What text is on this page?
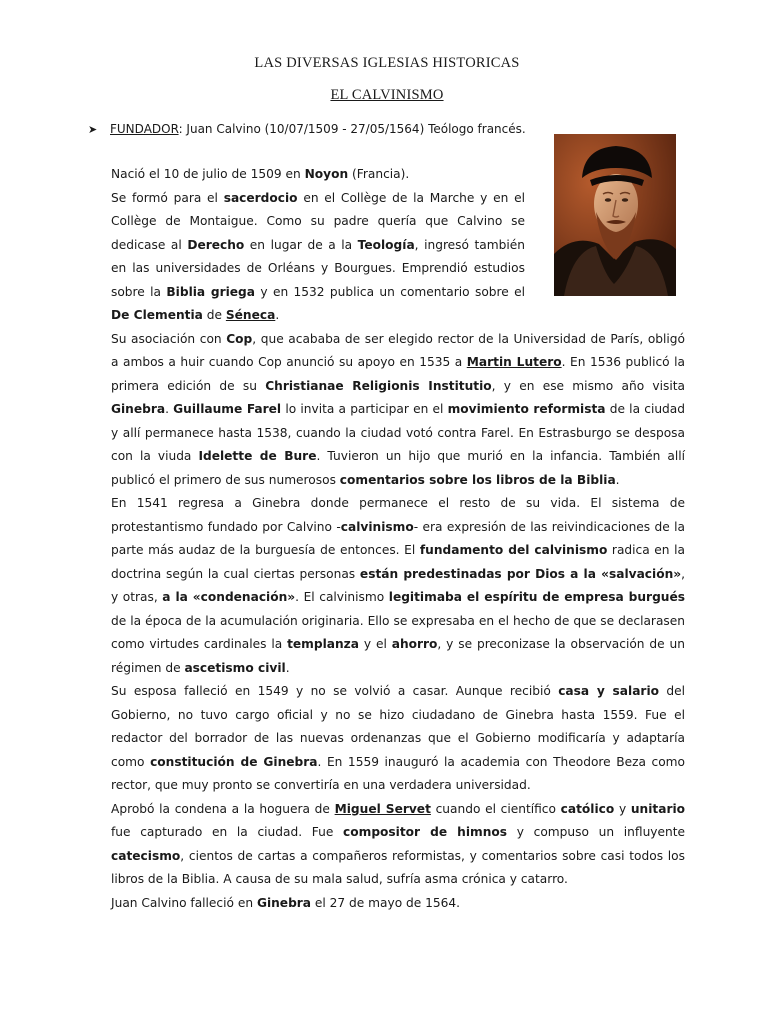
LAS DIVERSAS IGLESIAS HISTORICAS
EL CALVINISMO
➤ FUNDADOR: Juan Calvino (10/07/1509 - 27/05/1564) Teólogo francés.

Nació el 10 de julio de 1509 en Noyon (Francia).

Se formó para el sacerdocio en el Collège de la Marche y en el Collège de Montaigue. Como su padre quería que Calvino se dedicase al Derecho en lugar de a la Teología, ingresó también en las universidades de Orléans y Bourgues. Emprendió estudios sobre la Biblia griega y en 1532 publica un comentario sobre el De Clementia de Séneca.

Su asociación con Cop, que acababa de ser elegido rector de la Universidad de París, obligó a ambos a huir cuando Cop anunció su apoyo en 1535 a Martin Lutero. En 1536 publicó la primera edición de su Christianae Religionis Institutio, y en ese mismo año visita Ginebra. Guillaume Farel lo invita a participar en el movimiento reformista de la ciudad y allí permanece hasta 1538, cuando la ciudad votó contra Farel. En Estrasburgo se desposa con la viuda Idelette de Bure. Tuvieron un hijo que murió en la infancia. También allí publicó el primero de sus numerosos comentarios sobre los libros de la Biblia.

En 1541 regresa a Ginebra donde permanece el resto de su vida. El sistema de protestantismo fundado por Calvino -calvinismo- era expresión de las reivindicaciones de la parte más audaz de la burguesía de entonces. El fundamento del calvinismo radica en la doctrina según la cual ciertas personas están predestinadas por Dios a la «salvación», y otras, a la «condenación». El calvinismo legitimaba el espíritu de empresa burgués de la época de la acumulación originaria. Ello se expresaba en el hecho de que se declarasen como virtudes cardinales la templanza y el ahorro, y se preconizase la observación de un régimen de ascetismo civil.

Su esposa falleció en 1549 y no se volvió a casar. Aunque recibió casa y salario del Gobierno, no tuvo cargo oficial y no se hizo ciudadano de Ginebra hasta 1559. Fue el redactor del borrador de las nuevas ordenanzas que el Gobierno modificaría y adaptaría como constitución de Ginebra. En 1559 inauguró la academia con Theodore Beza como rector, que muy pronto se convertiría en una verdadera universidad.

Aprobó la condena a la hoguera de Miguel Servet cuando el científico católico y unitario fue capturado en la ciudad. Fue compositor de himnos y compuso un influyente catecismo, cientos de cartas a compañeros reformistas, y comentarios sobre casi todos los libros de la Biblia. A causa de su mala salud, sufría asma crónica y catarro.

Juan Calvino falleció en Ginebra el 27 de mayo de 1564.
